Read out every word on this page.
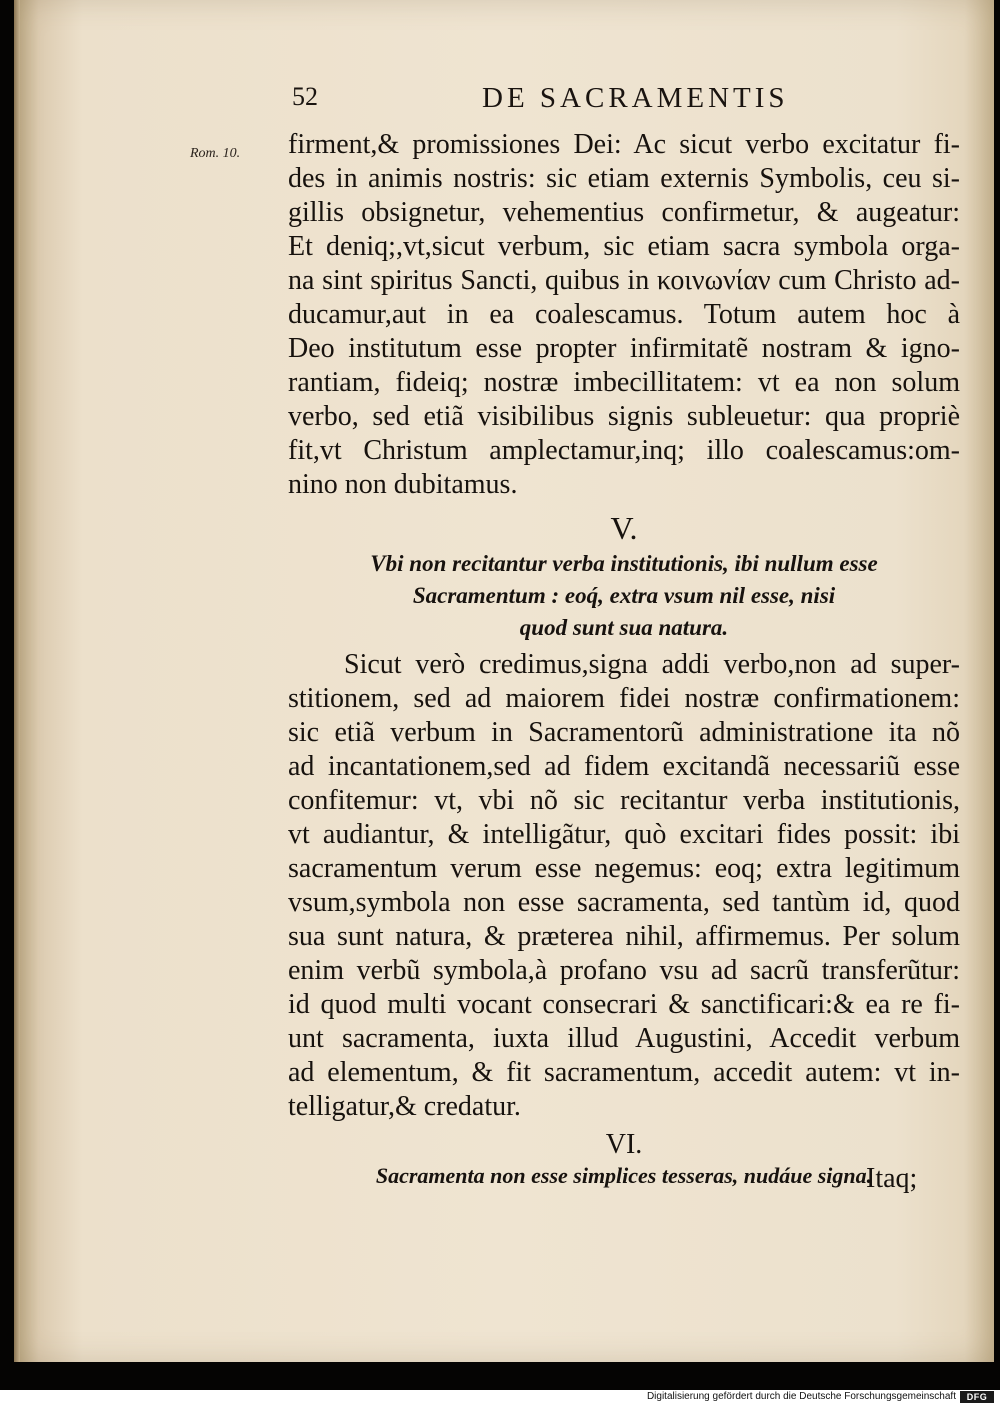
52	DE SACRAMENTIS
Rom. 10. firment,& promissiones Dei: Ac sicut verbo excitatur fi-

des in animis nostris: sic etiam externis Symbolis, ceu si-

gillis obsignetur, vehementius confirmetur, & augeatur:

Et deniq;,vt,sicut verbum, sic etiam sacra symbola orga-

na sint spiritus Sancti, quibus in κοινωνίαν cum Christo ad-

ducamur,aut in ea coalescamus. Totum autem hoc à

Deo institutum esse propter infirmitatẽ nostram & igno-

rantiam, fideiq; nostræ imbecillitatem: vt ea non solum

verbo, sed etiã visibilibus signis subleuetur: qua propriè

fit,vt Christum amplectamur,inq; illo coalescamus:om-

nino non dubitamus.

V.

Vbi non recitantur verba institutionis, ibi nullum esse

Sacramentum : eoq́, extra vsum nil esse, nisi

quod sunt sua natura.

Sicut verò credimus,signa addi verbo,non ad super-

stitionem, sed ad maiorem fidei nostræ confirmationem:

sic etiã verbum in Sacramentorũ administratione ita nõ

ad incantationem,sed ad fidem excitandã necessariũ esse

confitemur: vt, vbi nõ sic recitantur verba institutionis,

vt audiantur, & intelligãtur, quò excitari fides possit: ibi

sacramentum verum esse negemus: eoq; extra legitimum

vsum,symbola non esse sacramenta, sed tantùm id, quod

sua sunt natura, & præterea nihil, affirmemus. Per solum

enim verbũ symbola,à profano vsu ad sacrũ transferũtur:

id quod multi vocant consecrari & sanctificari:& ea re fi-

unt sacramenta, iuxta illud Augustini, Accedit verbum

ad elementum, & fit sacramentum, accedit autem: vt in-

telligatur,& credatur.

VI.

Sacramenta non esse simplices tesseras, nudáue signa.

Itaq;
Digitalisierung gefördert durch die Deutsche Forschungsgemeinschaft	DFG
